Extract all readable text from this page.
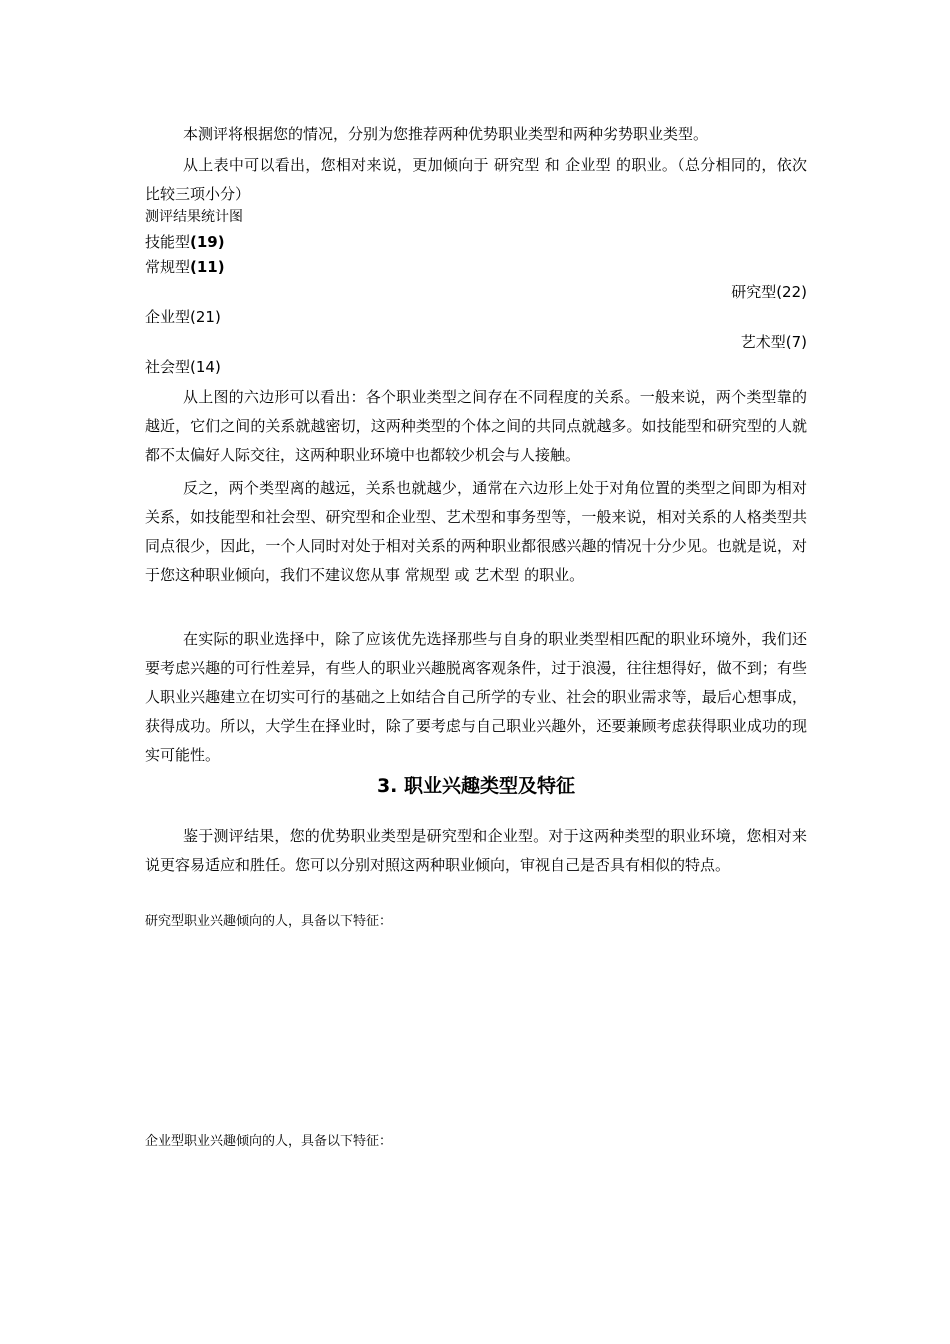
本测评将根据您的情况，分别为您推荐两种优势职业类型和两种劣势职业类型。

从上表中可以看出，您相对来说，更加倾向于 研究型 和 企业型 的职业。（总分相同的，依次比较三项小分）

测评结果统计图

技能型(19)
常规型(11)
研究型(22)
企业型(21)
艺术型(7)
社会型(14)

从上图的六边形可以看出：各个职业类型之间存在不同程度的关系。一般来说，两个类型靠的越近，它们之间的关系就越密切，这两种类型的个体之间的共同点就越多。如技能型和研究型的人就都不太偏好人际交往，这两种职业环境中也都较少机会与人接触。

反之，两个类型离的越远，关系也就越少，通常在六边形上处于对角位置的类型之间即为相对关系，如技能型和社会型、研究型和企业型、艺术型和事务型等，一般来说，相对关系的人格类型共同点很少，因此，一个人同时对处于相对关系的两种职业都很感兴趣的情况十分少见。也就是说，对于您这种职业倾向，我们不建议您从事 常规型 或 艺术型 的职业。

在实际的职业选择中，除了应该优先选择那些与自身的职业类型相匹配的职业环境外，我们还要考虑兴趣的可行性差异，有些人的职业兴趣脱离客观条件，过于浪漫，往往想得好，做不到；有些人职业兴趣建立在切实可行的基础之上如结合自己所学的专业、社会的职业需求等，最后心想事成，获得成功。所以，大学生在择业时，除了要考虑与自己职业兴趣外，还要兼顾考虑获得职业成功的现实可能性。

3. 职业兴趣类型及特征

鉴于测评结果，您的优势职业类型是研究型和企业型。对于这两种类型的职业环境，您相对来说更容易适应和胜任。您可以分别对照这两种职业倾向，审视自己是否具有相似的特点。

研究型职业兴趣倾向的人，具备以下特征：

企业型职业兴趣倾向的人，具备以下特征：
